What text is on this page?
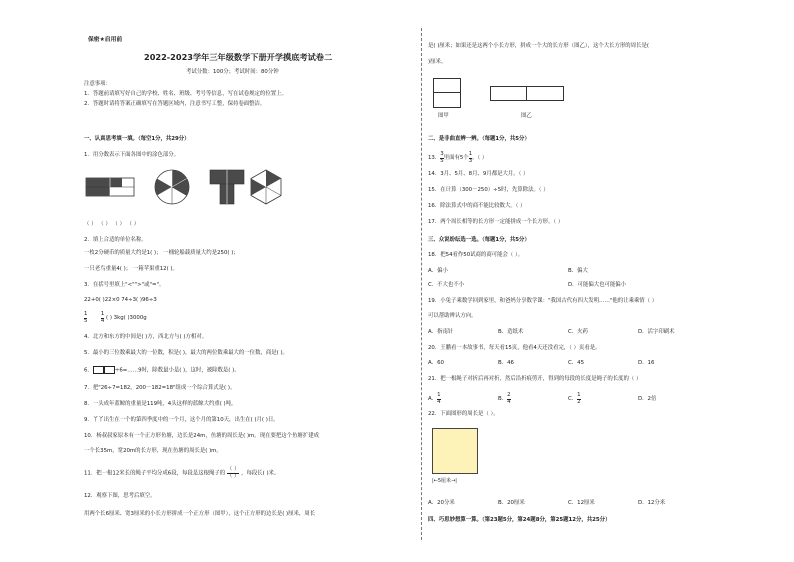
保密★启用前
2022-2023学年三年级数学下册开学摸底考试卷二
考试分数：100分；考试时间：80分钟
注意事项：
1．答题前请填写好自己的学校、姓名、班级、考号等信息，写在试卷规定的位置上。
2．答题时请将答案正确填写在答题区域内，注意书写工整，保持卷面整洁。
一、认真思考填一填。（每空1分，共29分）
1．用分数表示下面各图中的涂色部分。
（ ） （ ） （ ） （ ）
2．填上合适的单位名称。
一枚2分硬币的质量大约是1( )； 一桶轮船载质量大约是250( )；
一只老鸟重量4( )； 一箱苹果重12( )。
3．在括号里填上"<"">"或"="。
22+0( )22×0 74÷3( )96÷3
$\frac{1}{5}$
$\frac{1}{4}$ ( ) 3kg( )3000g
4．北方和东方的中间是( )方，西北方与( )方相对。
5．最小的三位数乘最大的一位数，积是( )，最大的两位数乘最大的一位数，商是( )。
6．	÷6=……9时，除数最小是( )，这时，被除数是( )。
7．把"26÷7=182，200－182=18"组成一个综合算式是( )。
8．一头成年蓝鲸的重量是119吨，4头这样的蓝鲸大约重( )吨。
9．丫丫出生在一个的第四季度中的一个月，这个月的第10天，出生在( )月( )日。
10．杨叔叔家原本有一个正方形鱼塘，边长是24m，鱼塘的周长是( )m。现在要把这个鱼塘扩建成
一个长35m，宽20m的长方形，现在鱼塘的周长是( )m。
11．把一根12米长的绳子平均分成6段，每段是这根绳子的 $\frac{( )}{( )}$ ，每段长( )米。
12．观察下图，思考后填空。
用两个长6厘米、宽3厘米的小长方形拼成一个正方形（图甲），这个正方形的边长是( )厘米，周长
是( )厘米；如果还是这两个小长方形，拼成一个大的长方形（图乙），这个大长方形的周长是(
)厘米。
图甲	图乙
二、是非曲直辨一辨。（每题1分，共5分）
13． $\frac{3}{5}$ 里面有5个 $\frac{1}{3}$ 。（ ）
14．3月、5月、8月、9月都是大月。（ ）
15．在计算（300－250）÷5时，先算除法。（ ）
16．除法算式中的商不能比较数大。（ ）
17．两个周长相等的长方形一定能拼成一个长方形。（ ）
三、众说纷纭选一选。（每题1分，共5分）
18．把54看作50试商的商可能会（ ）。
A．偏小	B．偏大
C．不大也不小	D．可能偏大也可能偏小
19．小兔子乘数学回到家里，和爸妈分享数学课："我国古代有四大发明……"他的让乘乘情（ ）
可以帮助辨认方向。
A．指南针	B．造纸术	C．火药	D．活字印刷术
20．王鹏看一本故事书，每天看15页，他看4天还没看完，（ ）页看是。
A．60	B．46	C．45	D．16
21．把一根绳子对折后再对折，然后沿折痕剪开，得到的每段的长度是绳子的长度的（ ）
A． $\frac{1}{4}$	B． $\frac{2}{4}$	C． $\frac{1}{2}$	D．2倍
22．下面图形的周长是（ ）。
|←5厘米→|
A．20分米	B．20厘米	C．12厘米	D．12分米
四、巧思妙想算一算。（第23题5分，第24题8分，第25题12分，共25分）
